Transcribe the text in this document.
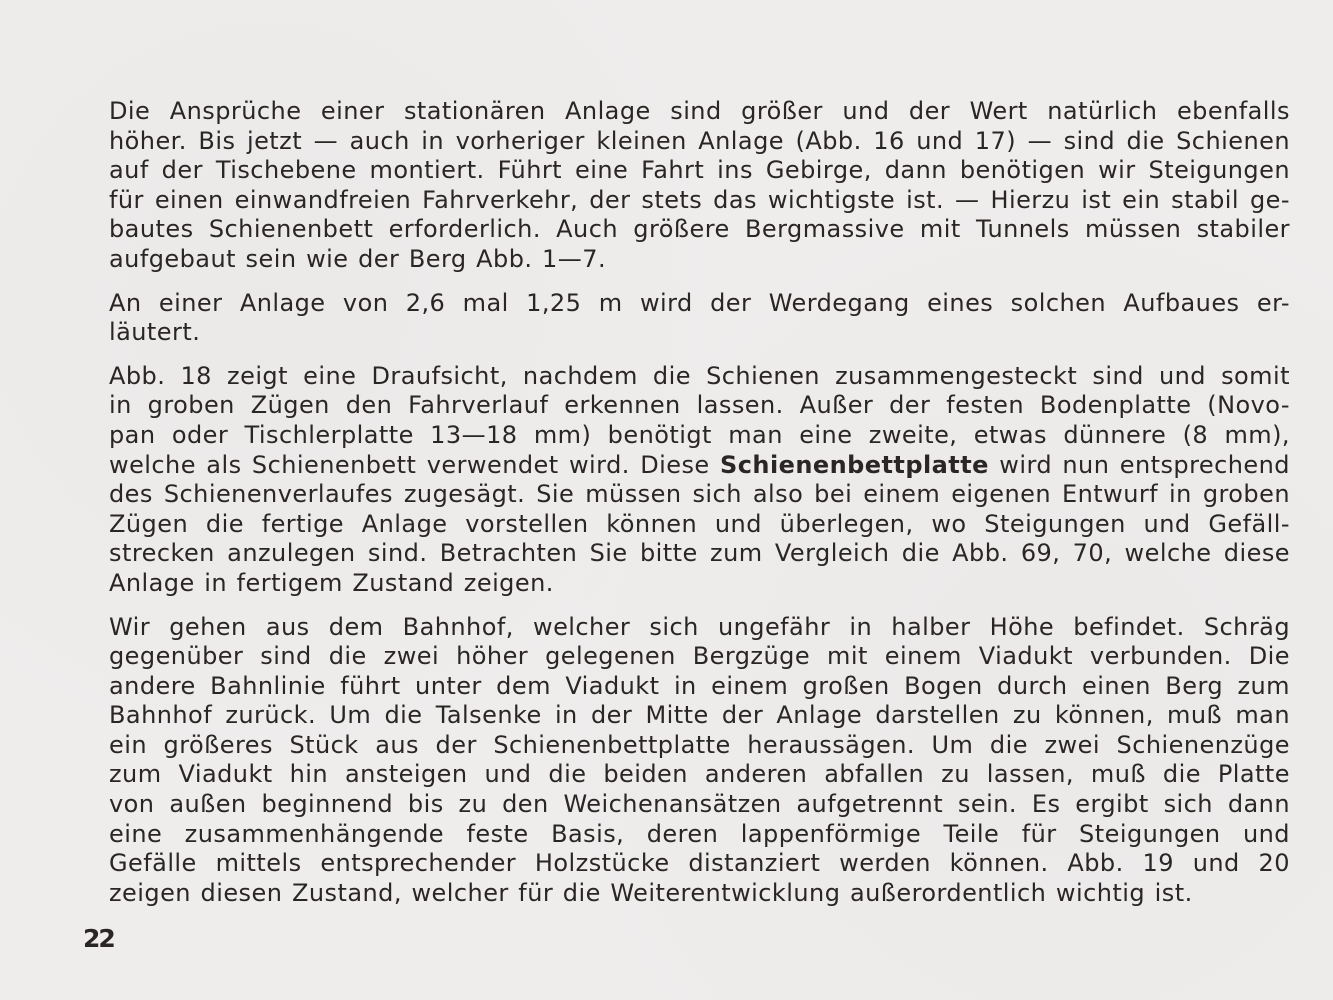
Die Ansprüche einer stationären Anlage sind größer und der Wert natürlich ebenfalls
höher. Bis jetzt — auch in vorheriger kleinen Anlage (Abb. 16 und 17) — sind die Schienen
auf der Tischebene montiert. Führt eine Fahrt ins Gebirge, dann benötigen wir Steigungen
für einen einwandfreien Fahrverkehr, der stets das wichtigste ist. — Hierzu ist ein stabil ge-
bautes Schienenbett erforderlich. Auch größere Bergmassive mit Tunnels müssen stabiler
aufgebaut sein wie der Berg Abb. 1—7.

An einer Anlage von 2,6 mal 1,25 m wird der Werdegang eines solchen Aufbaues er-
läutert.

Abb. 18 zeigt eine Draufsicht, nachdem die Schienen zusammengesteckt sind und somit
in groben Zügen den Fahrverlauf erkennen lassen. Außer der festen Bodenplatte (Novo-
pan oder Tischlerplatte 13—18 mm) benötigt man eine zweite, etwas dünnere (8 mm),
welche als Schienenbett verwendet wird. Diese Schienenbettplatte wird nun entsprechend
des Schienenverlaufes zugesägt. Sie müssen sich also bei einem eigenen Entwurf in groben
Zügen die fertige Anlage vorstellen können und überlegen, wo Steigungen und Gefäll-
strecken anzulegen sind. Betrachten Sie bitte zum Vergleich die Abb. 69, 70, welche diese
Anlage in fertigem Zustand zeigen.

Wir gehen aus dem Bahnhof, welcher sich ungefähr in halber Höhe befindet. Schräg
gegenüber sind die zwei höher gelegenen Bergzüge mit einem Viadukt verbunden. Die
andere Bahnlinie führt unter dem Viadukt in einem großen Bogen durch einen Berg zum
Bahnhof zurück. Um die Talsenke in der Mitte der Anlage darstellen zu können, muß man
ein größeres Stück aus der Schienenbettplatte heraussägen. Um die zwei Schienenzüge
zum Viadukt hin ansteigen und die beiden anderen abfallen zu lassen, muß die Platte
von außen beginnend bis zu den Weichenansätzen aufgetrennt sein. Es ergibt sich dann
eine zusammenhängende feste Basis, deren lappenförmige Teile für Steigungen und
Gefälle mittels entsprechender Holzstücke distanziert werden können. Abb. 19 und 20
zeigen diesen Zustand, welcher für die Weiterentwicklung außerordentlich wichtig ist.

22
